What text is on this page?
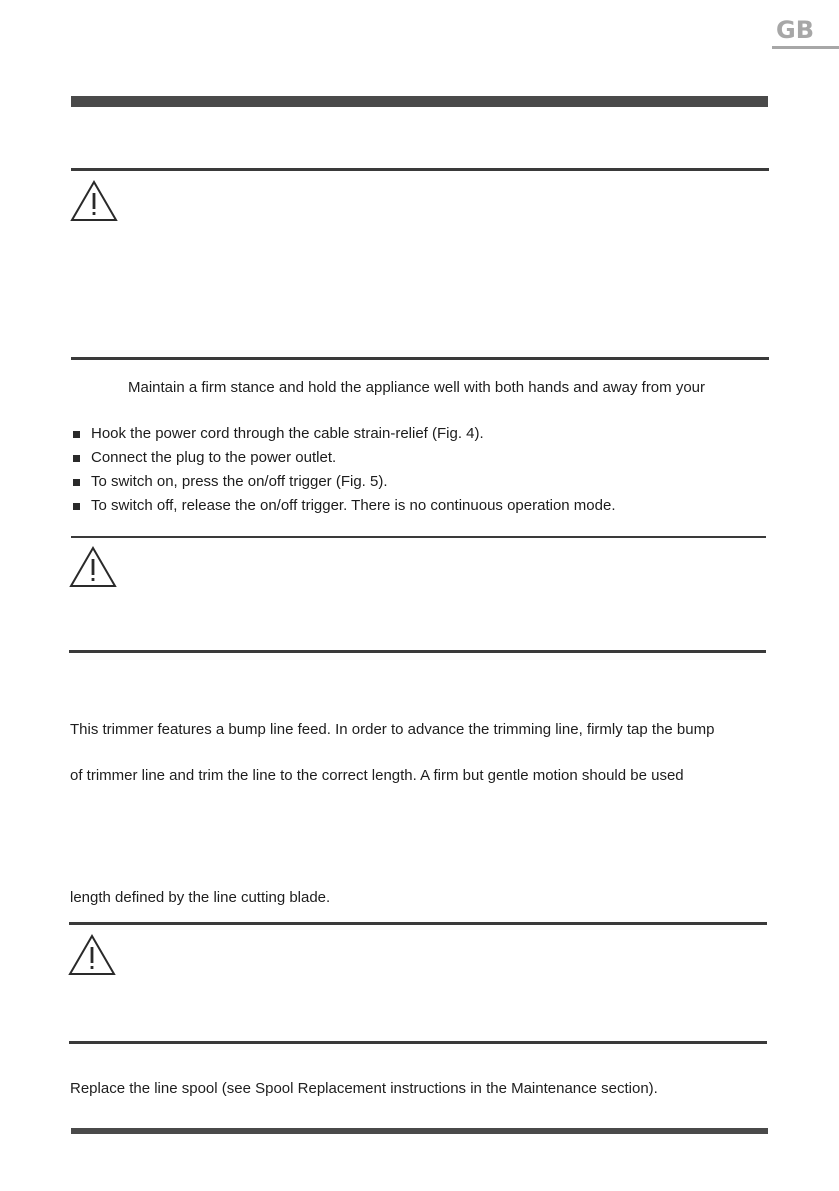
GB
Maintain a firm stance and hold the appliance well with both hands and away from your
Hook the power cord through the cable strain-relief (Fig. 4).
Connect the plug to the power outlet.
To switch on, press the on/off trigger (Fig. 5).
To switch off, release the on/off trigger. There is no continuous operation mode.
This trimmer features a bump line feed. In order to advance the trimming line, firmly tap the bump
of trimmer line and trim the line to the correct length. A firm but gentle motion should be used
length defined by the line cutting blade.
Replace the line spool (see Spool Replacement instructions in the Maintenance section).
